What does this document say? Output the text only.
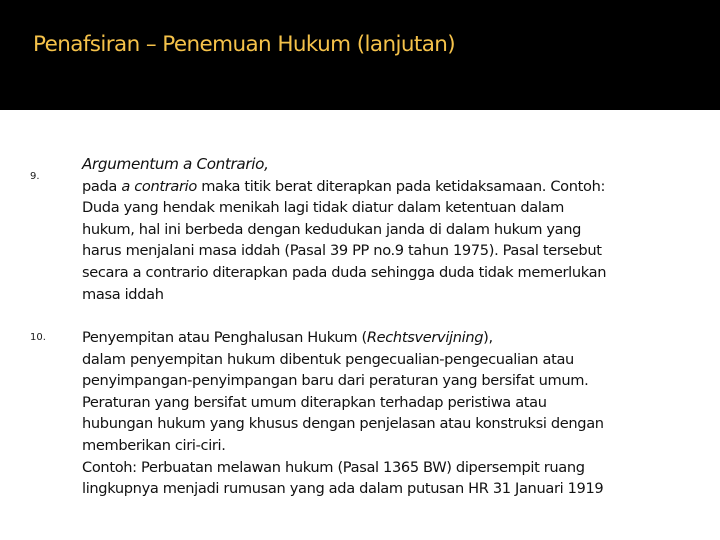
Penafsiran – Penemuan Hukum (lanjutan)
9.
Argumentum a Contrario,
pada a contrario maka titik berat diterapkan pada ketidaksamaan. Contoh:
Duda yang hendak menikah lagi tidak diatur dalam ketentuan dalam
hukum, hal ini berbeda dengan kedudukan janda di dalam hukum yang
harus menjalani masa iddah (Pasal 39 PP no.9 tahun 1975). Pasal tersebut
secara a contrario diterapkan pada duda sehingga duda tidak memerlukan
masa iddah
10. Penyempitan atau Penghalusan Hukum (Rechtsvervijning),
dalam penyempitan hukum dibentuk pengecualian-pengecualian atau
penyimpangan-penyimpangan baru dari peraturan yang bersifat umum.
Peraturan yang bersifat umum diterapkan terhadap peristiwa atau
hubungan hukum yang khusus dengan penjelasan atau konstruksi dengan
memberikan ciri-ciri.
Contoh: Perbuatan melawan hukum (Pasal 1365 BW) dipersempit ruang
lingkupnya menjadi rumusan yang ada dalam putusan HR 31 Januari 1919
